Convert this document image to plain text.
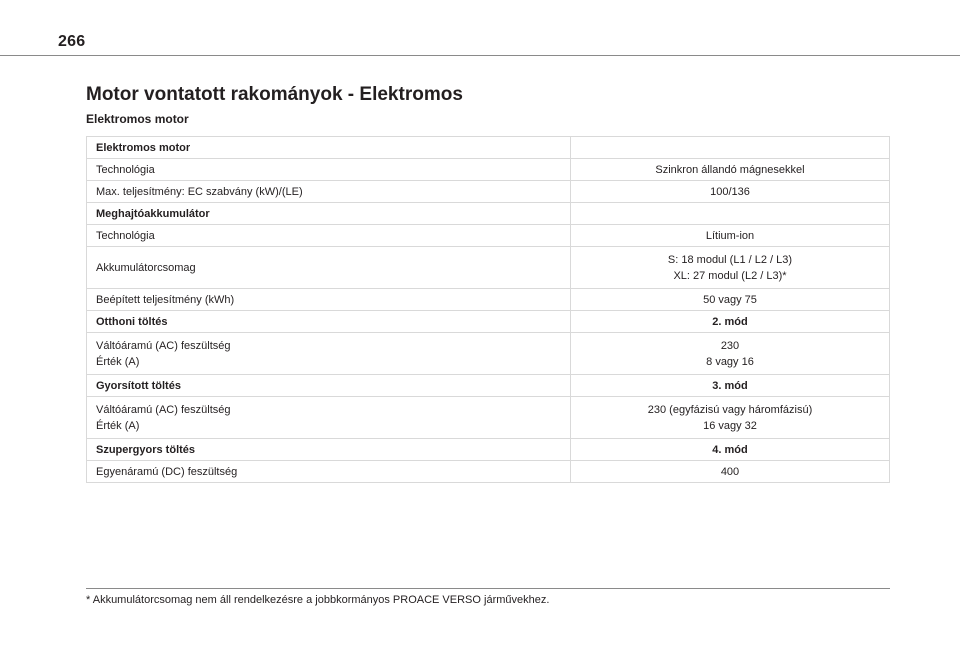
266
Motor vontatott rakományok - Elektromos
Elektromos motor
Elektromos motor	

Technológia	Szinkron állandó mágnesekkel

Max. teljesítmény: EC szabvány (kW)/(LE)	100/136

Meghajtóakkumulátor	

Technológia	Lítium-ion

Akkumulátorcsomag	S: 18 modul (L1 / L2 / L3)
XL: 27 modul (L2 / L3)*

Beépített teljesítmény (kWh)	50 vagy 75

Otthoni töltés	2. mód

Váltóáramú (AC) feszültség
Érték (A)	230
8 vagy 16

Gyorsított töltés	3. mód

Váltóáramú (AC) feszültség
Érték (A)	230 (egyfázisú vagy háromfázisú)
16 vagy 32

Szupergyors töltés	4. mód

Egyenáramú (DC) feszültség	400
* Akkumulátorcsomag nem áll rendelkezésre a jobbkormányos PROACE VERSO járművekhez.
